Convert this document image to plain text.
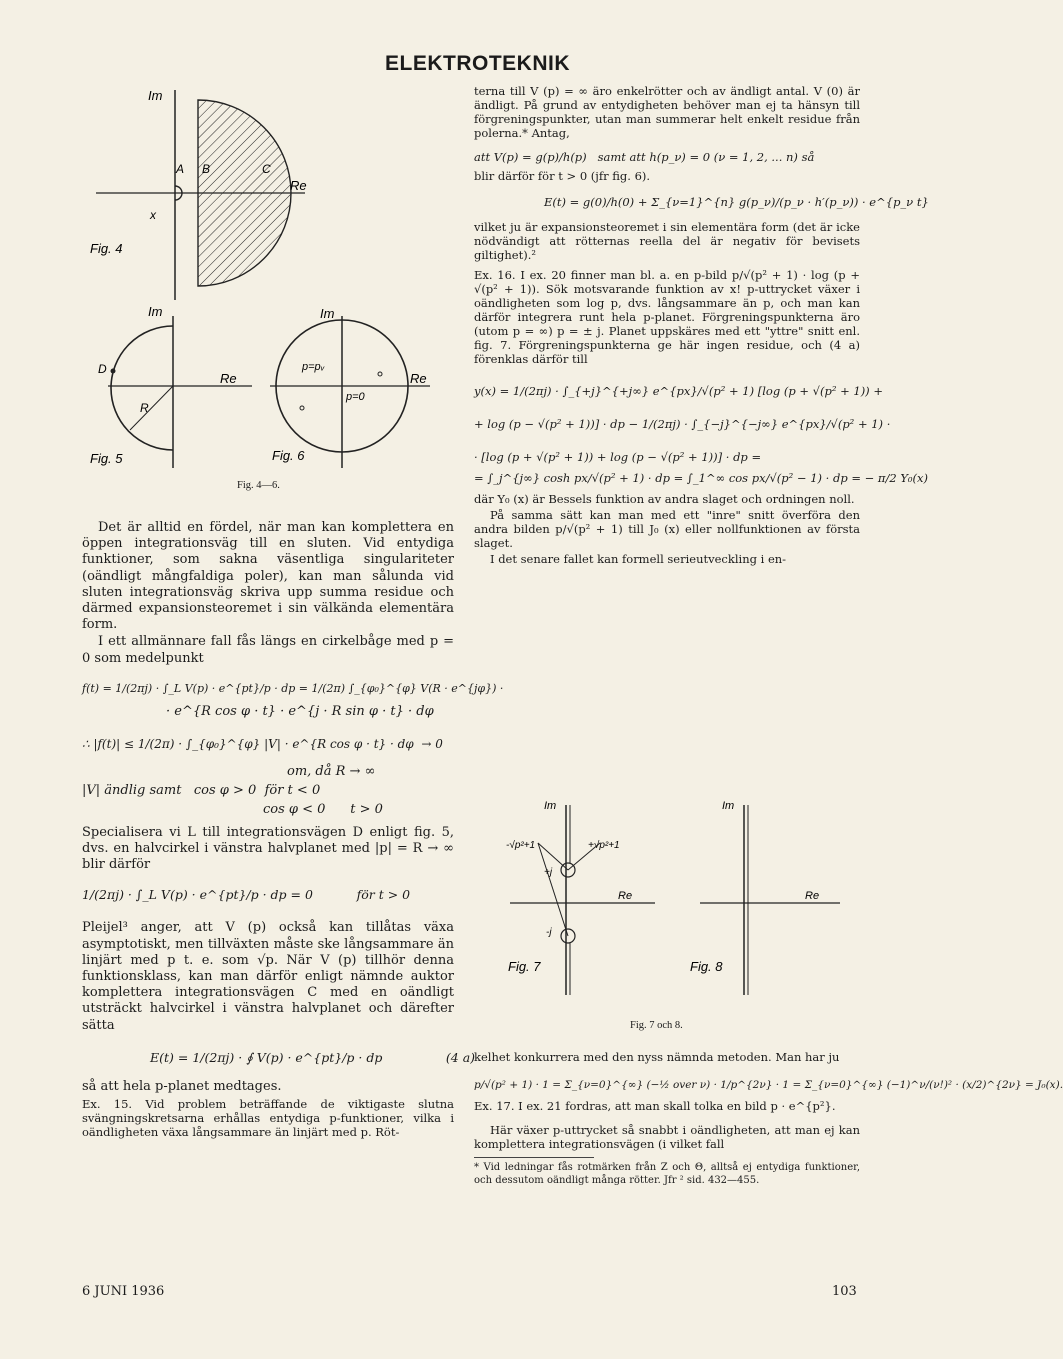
ELEKTROTEKNIK
Im
Re
A B	C
x
Fig. 4
Im
Re
D
R
Fig. 5
Im
Re
p=pᵥ
p=0
Fig. 6
Fig. 4—6.

Det är alltid en fördel, när man kan komplettera en öppen integrationsväg till en sluten. Vid entydiga funktioner, som sakna väsentliga singulariteter (oändligt mångfaldiga poler), kan man sålunda vid sluten integrationsväg skriva upp summa residue och därmed expansionsteoremet i sin välkända elementära form.

I ett allmännare fall fås längs en cirkelbåge med p = 0 som medelpunkt

f(t) = 1/(2πj) · ∫_L V(p) · e^{pt}/p · dp = 1/(2π) ∫_{φ₀}^{φ} V(R · e^{jφ}) ·
· e^{R cos φ · t} · e^{j · R sin φ · t} · dφ
∴ |f(t)| ≤ 1/(2π) · ∫_{φ₀}^{φ} |V| · e^{R cos φ · t} · dφ  → 0
om, då R → ∞
|V| ändlig samt   cos φ > 0  för t < 0
cos φ < 0      t > 0

Specialisera vi L till integrationsvägen D enligt fig. 5, dvs. en halvcirkel i vänstra halvplanet med |p| = R → ∞ blir därför

1/(2πj) · ∫_L V(p) · e^{pt}/p · dp = 0           för t > 0

Pleijel³ anger, att V (p) också kan tillåtas växa asymptotiskt, men tillväxten måste ske långsammare än linjärt med p t. e. som √p. När V (p) tillhör denna funktionsklass, kan man därför enligt nämnde auktor komplettera integrationsvägen C med en oändligt utsträckt halvcirkel i vänstra halvplanet och därefter sätta

E(t) = 1/(2πj) · ∮ V(p) · e^{pt}/p · dp                (4 a)

så att hela p-planet medtages.

Ex. 15. Vid problem beträffande de viktigaste slutna svängningskretsarna erhållas entydiga p-funktioner, vilka i oändligheten växa långsammare än linjärt med p. Röt-

terna till V (p) = ∞ äro enkelrötter och av ändligt antal. V (0) är ändligt. På grund av entydigheten behöver man ej ta hänsyn till förgreningspunkter, utan man summerar helt enkelt residue från polerna.* Antag,

att V(p) = g(p)/h(p)   samt att h(p_ν) = 0 (ν = 1, 2, ... n) så

blir därför för t > 0 (jfr fig. 6).

E(t) = g(0)/h(0) + Σ_{ν=1}^{n} g(p_ν)/(p_ν · h′(p_ν)) · e^{p_ν t}

vilket ju är expansionsteoremet i sin elementära form (det är icke nödvändigt att rötternas reella del är negativ för bevisets giltighet).²

Ex. 16. I ex. 20 finner man bl. a. en p-bild p/√(p² + 1) · log (p + √(p² + 1)). Sök motsvarande funktion av x! p-uttrycket växer i oändligheten som log p, dvs. långsammare än p, och man kan därför integrera runt hela p-planet. Förgreningspunkterna äro (utom p = ∞) p = ± j. Planet uppskäres med ett "yttre" snitt enl. fig. 7. Förgreningspunkterna ge här ingen residue, och (4 a) förenklas därför till

y(x) = 1/(2πj) · ∫_{+j}^{+j∞} e^{px}/√(p² + 1) [log (p + √(p² + 1)) +
+ log (p − √(p² + 1))] · dp − 1/(2πj) · ∫_{−j}^{−j∞} e^{px}/√(p² + 1) ·
· [log (p + √(p² + 1)) + log (p − √(p² + 1))] · dp =
= ∫_j^{j∞} cosh px/√(p² + 1) · dp = ∫_1^∞ cos px/√(p² − 1) · dp = − π/2 Y₀(x)

där Y₀ (x) är Bessels funktion av andra slaget och ordningen noll.

På samma sätt kan man med ett "inre" snitt överföra den andra bilden p/√(p² + 1) till J₀ (x) eller nollfunktionen av första slaget.

I det senare fallet kan formell serieutveckling i en-

Im
Re
-√p²+1	+√p²+1
+j
-j
Fig. 7
Im
Re
Fig. 8
Fig. 7 och 8.

kelhet konkurrera med den nyss nämnda metoden. Man har ju

p/√(p² + 1) · 1 = Σ_{ν=0}^{∞} (−½ over ν) · 1/p^{2ν} · 1 = Σ_{ν=0}^{∞} (−1)^ν/(ν!)² · (x/2)^{2ν} = J₀(x).

Ex. 17. I ex. 21 fordras, att man skall tolka en bild p · e^{p²}.

Här växer p-uttrycket så snabbt i oändligheten, att man ej kan komplettera integrationsvägen (i vilket fall

* Vid ledningar fås rotmärken från Z och Θ, alltså ej entydiga funktioner, och dessutom oändligt många rötter. Jfr ² sid. 432—455.

6 JUNI 1936	103
